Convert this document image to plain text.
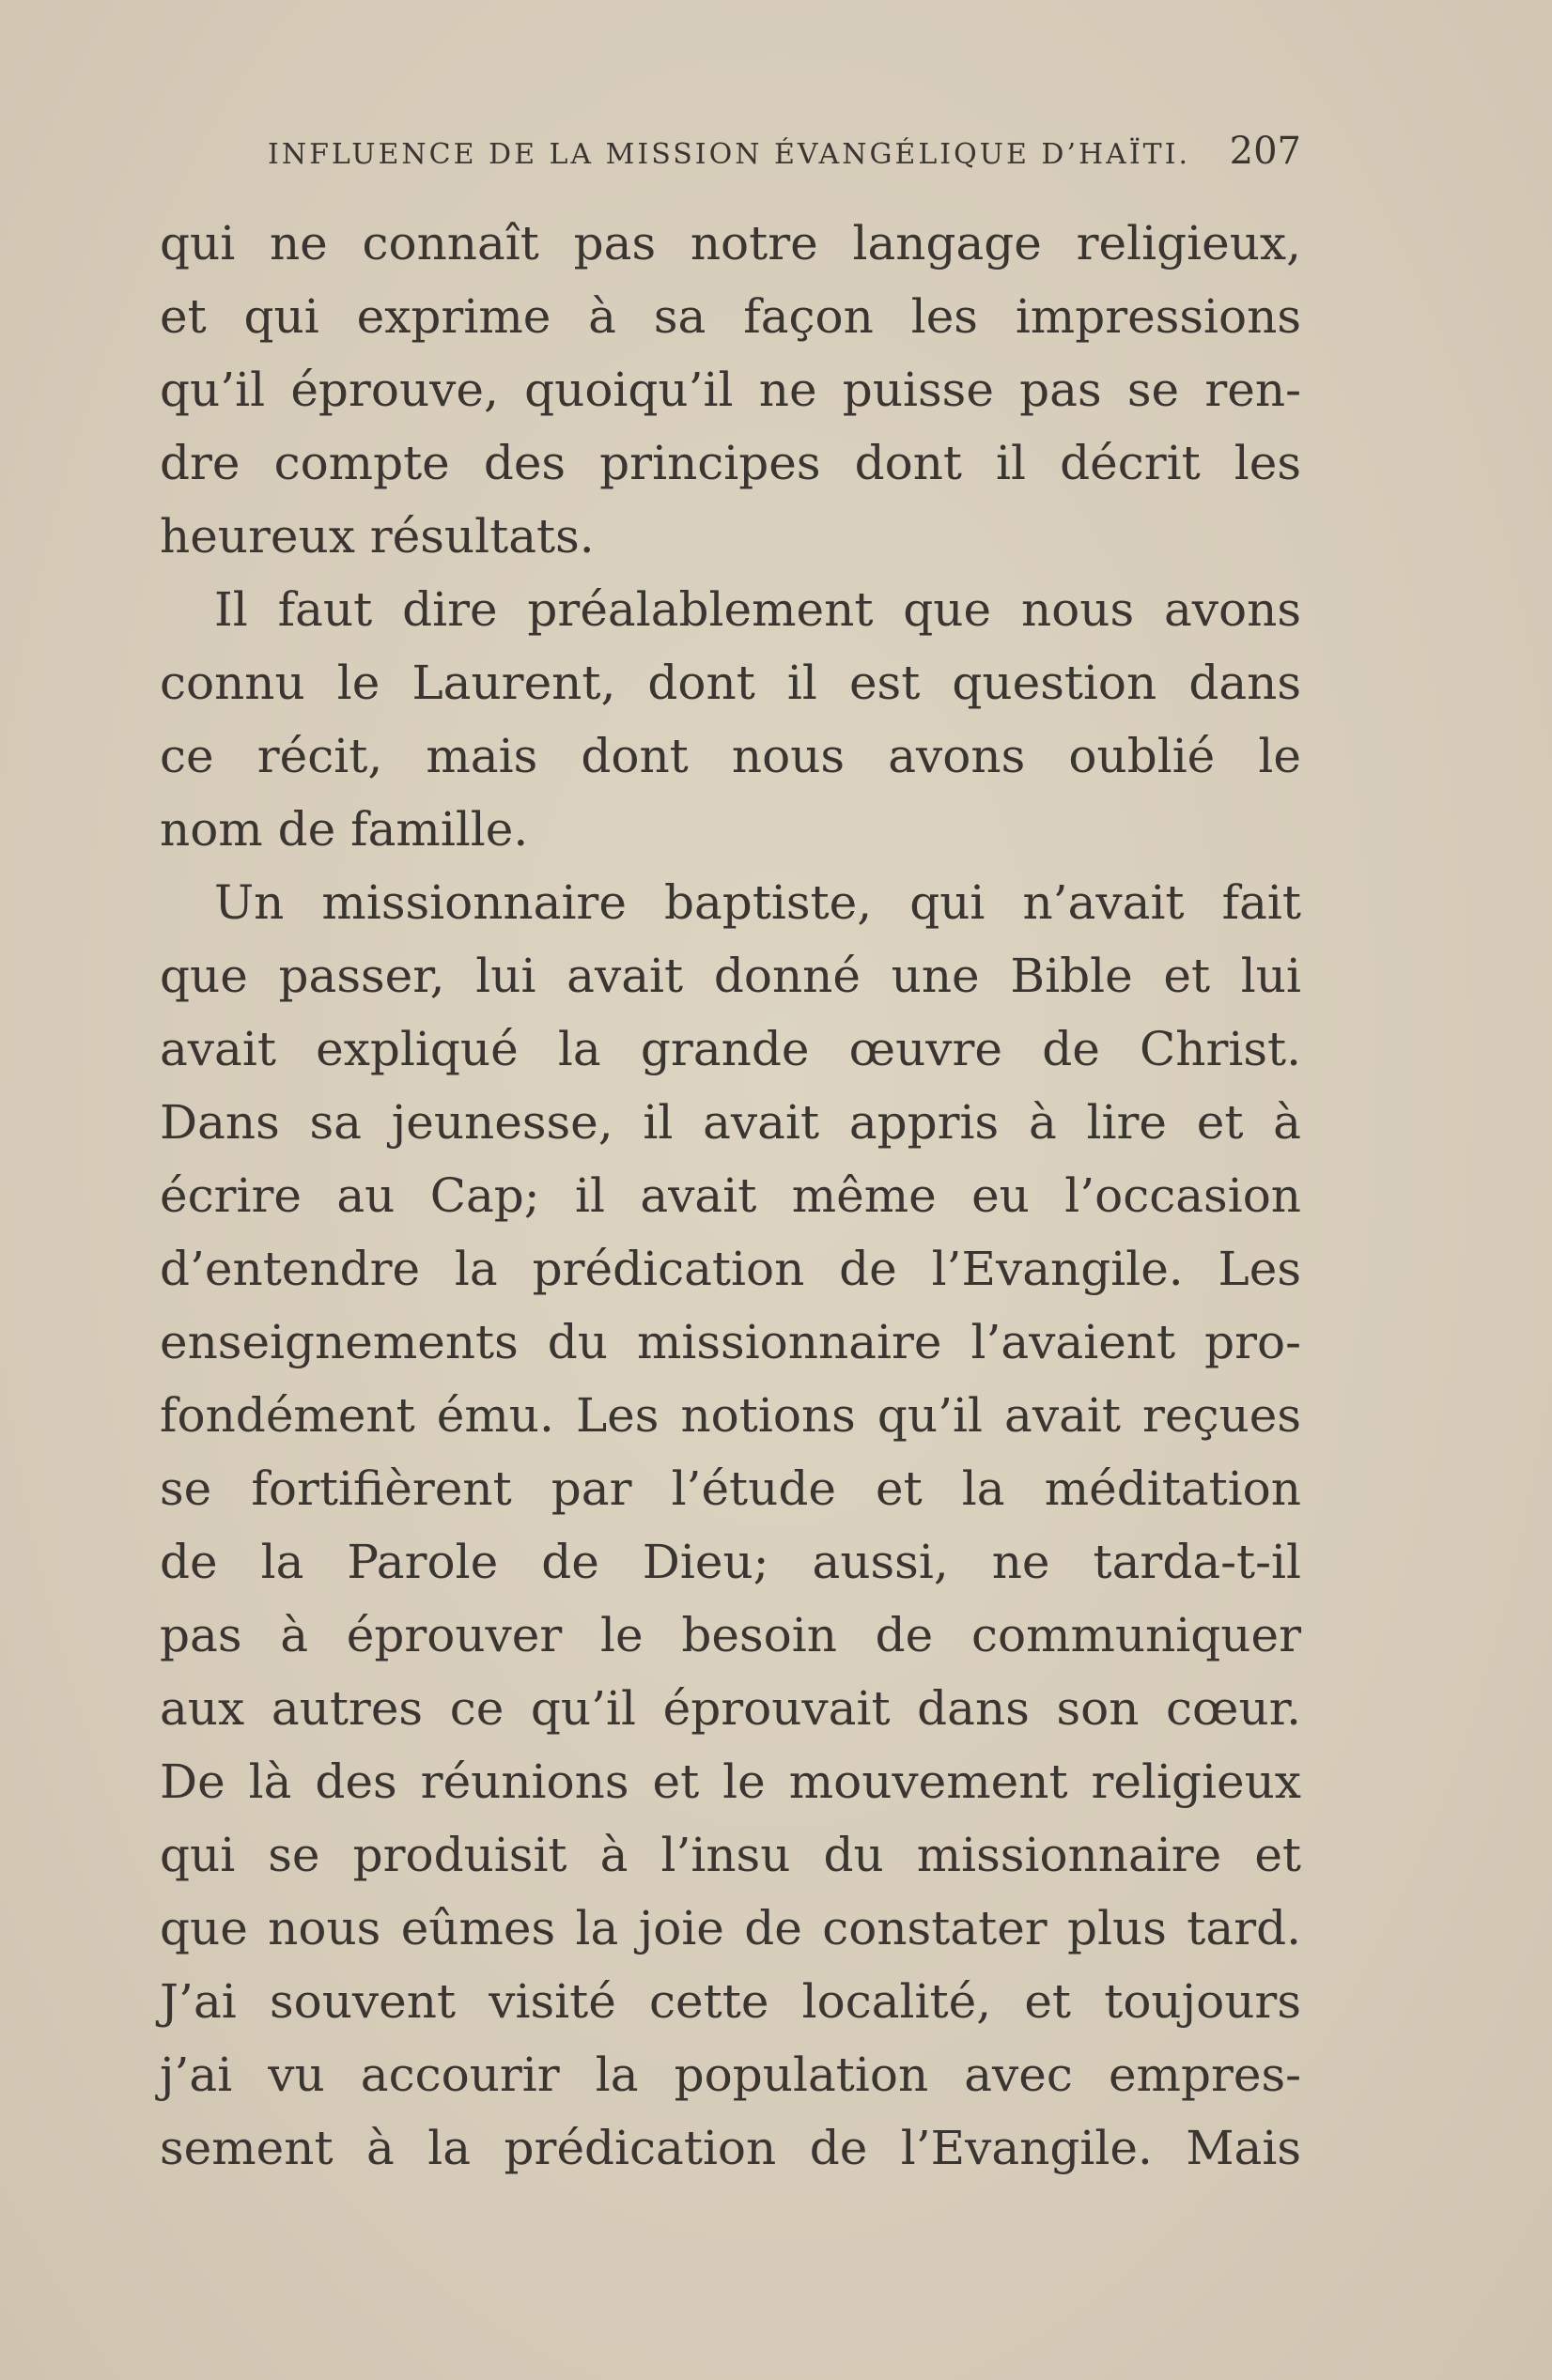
INFLUENCE DE LA MISSION ÉVANGÉLIQUE D’HAÏTI. 207
qui ne connaît pas notre langage religieux,
et qui exprime à sa façon les impressions
qu’il éprouve, quoiqu’il ne puisse pas se ren-
dre compte des principes dont il décrit les
heureux résultats.
Il faut dire préalablement que nous avons
connu le Laurent, dont il est question dans
ce récit, mais dont nous avons oublié le
nom de famille.
Un missionnaire baptiste, qui n’avait fait
que passer, lui avait donné une Bible et lui
avait expliqué la grande œuvre de Christ.
Dans sa jeunesse, il avait appris à lire et à
écrire au Cap; il avait même eu l’occasion
d’entendre la prédication de l’Evangile. Les
enseignements du missionnaire l’avaient pro-
fondément ému. Les notions qu’il avait reçues
se fortifièrent par l’étude et la méditation
de la Parole de Dieu; aussi, ne tarda-t-il
pas à éprouver le besoin de communiquer
aux autres ce qu’il éprouvait dans son cœur.
De là des réunions et le mouvement religieux
qui se produisit à l’insu du missionnaire et
que nous eûmes la joie de constater plus tard.
J’ai souvent visité cette localité, et toujours
j’ai vu accourir la population avec empres-
sement à la prédication de l’Evangile. Mais
